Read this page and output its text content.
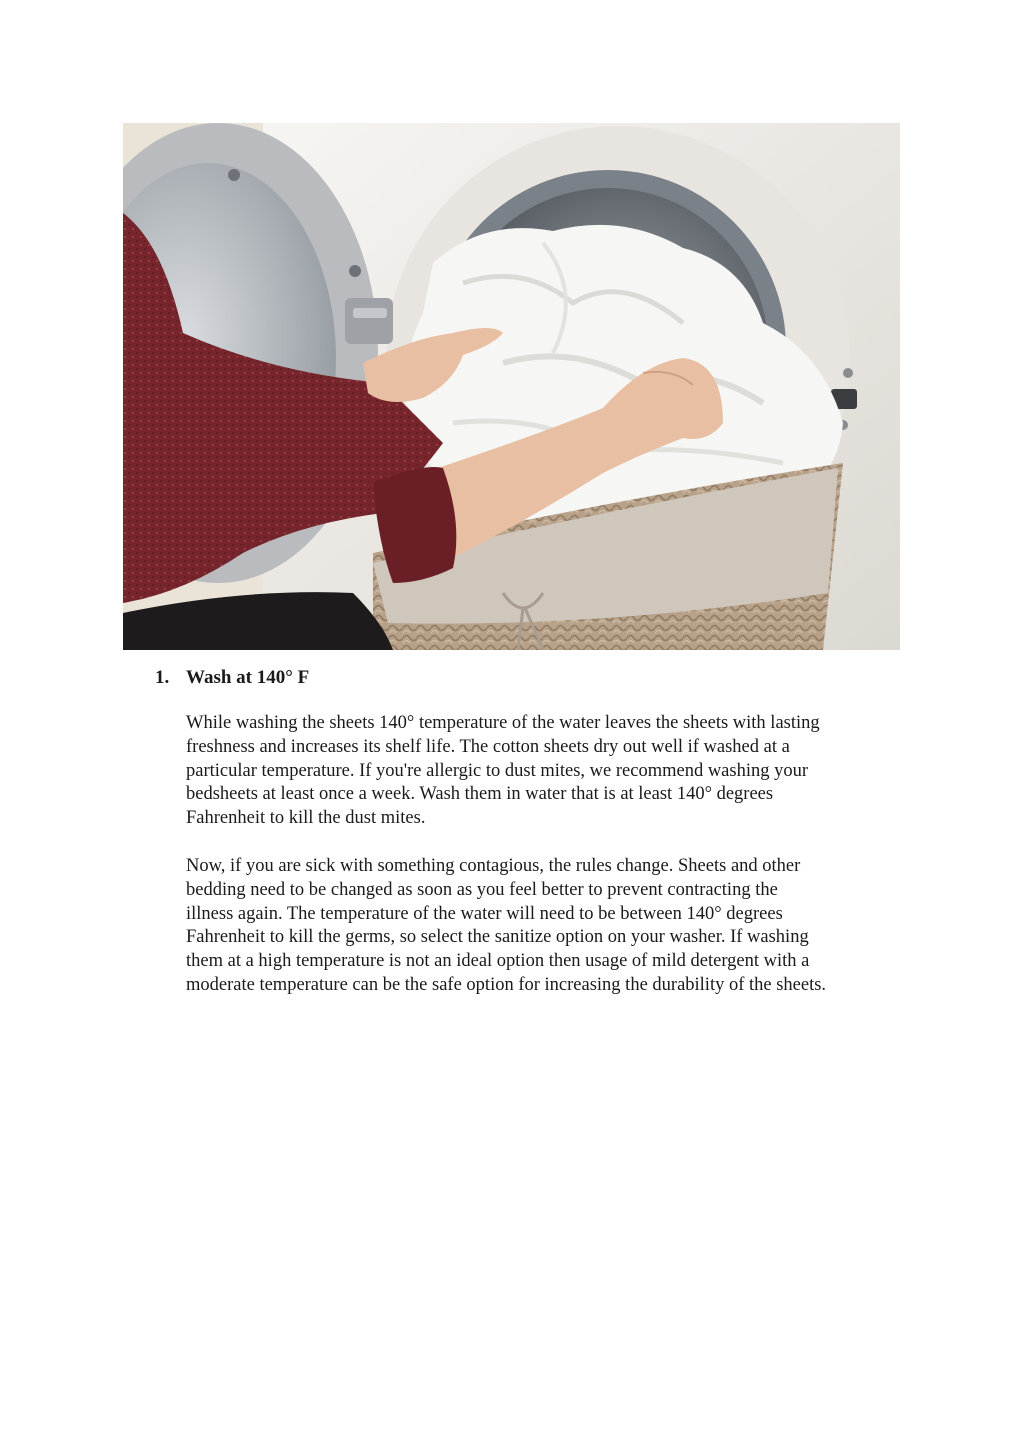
1. Wash at 140° F

While washing the sheets 140° temperature of the water leaves the sheets with lasting
freshness and increases its shelf life. The cotton sheets dry out well if washed at a
particular temperature. If you're allergic to dust mites, we recommend washing your
bedsheets at least once a week. Wash them in water that is at least 140° degrees
Fahrenheit to kill the dust mites.

Now, if you are sick with something contagious, the rules change. Sheets and other
bedding need to be changed as soon as you feel better to prevent contracting the
illness again. The temperature of the water will need to be between 140° degrees
Fahrenheit to kill the germs, so select the sanitize option on your washer. If washing
them at a high temperature is not an ideal option then usage of mild detergent with a
moderate temperature can be the safe option for increasing the durability of the sheets.
